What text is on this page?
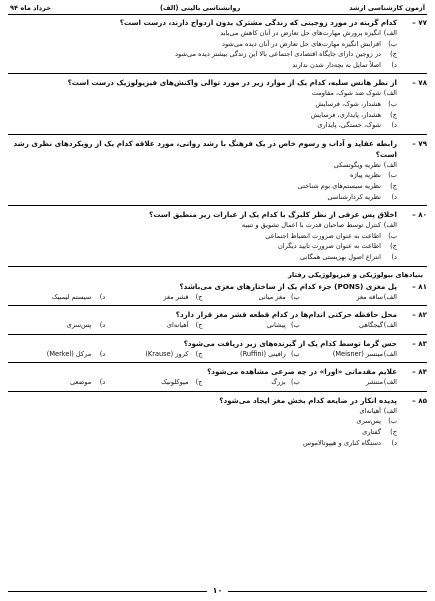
آزمون کارشناسی ارشد
روانشناسی بالینی (الف)
خرداد ماه ۹۴
۷۷ –
کدام گزینه در مورد زوجینی که زندگی مشترک بدون ازدواج دارند، درست است؟
الف)
انگیزه پرورش مهارت‌های حل تعارض در آنان کاهش می‌یابد
ب)
افزایش انگیزه مهارت‌های حل تعارض در آنان دیده می‌شود
ج)
در زوجین دارای جایگاه اقتصادی اجتماعی بالا این زندگی بیشتر دیده می‌شود
د)
اصلاً تمایل به بچه‌دار شدن ندارند
۷۸ –
از نظر هانس سلیه، کدام یک از موارد زیر در مورد توالی واکنش‌های فیزیولوژیک درست است؟
الف)
شوک ضد شوک، مقاومت
ب)
هشدار، شوک، فرسایش
ج)
هشدار، پایداری، فرسایش
د)
شوک، خستگی، پایداری
۷۹ –
رابطه عقاید و آداب و رسوم خاص در یک فرهنگ با رشد روانی، مورد علاقه کدام یک از رویکردهای نظری رشد است؟
الف)
نظریه ویگوتسکی
ب)
نظریه پیاژه
ج)
نظریه سیستم‌های بوم شناختی
د)
نظریه کردارشناسی
۸۰ –
اخلاق پس عرفی از نظر کلبرگ با کدام یک از عبارات زیر منطبق است؟
الف)
کنترل توسط صاحبان قدرت با اعمال تشویق و تنبیه
ب)
اطاعت به عنوان ضرورت انضباط اجتماعی
ج)
اطاعت به عنوان ضرورت تایید دیگران
د)
انتزاع اصول بهزیستی همگانی
بنیادهای بیولوژیکی و فیزیولوژیکی رفتار
۸۱ –
پل مغزی (PONS) جزء کدام یک از ساختارهای مغزی می‌باشد؟
الف)
ساقه مغز
ب)
مغز میانی
ج)
قشر مغز
د)
سیستم لیمبیک
۸۲ –
محل حافظه حرکتی اندام‌ها در کدام قطعه قشر مغز قرار دارد؟
الف)
گیجگاهی
ب)
پیشانی
ج)
آهیانه‌ای
د)
پس‌سری
۸۳ –
حس گرما توسط کدام یک از گیرنده‌های زیر دریافت می‌شود؟
الف)
مینسر (Meisner)
ب)
رافینی (Ruffini)
ج)
کروز (Krause)
د)
مرکل (Merkel)
۸۴ –
علایم مقدماتی «اورا» در چه صرعی مشاهده می‌شود؟
الف)
منتشر
ب)
بزرگ
ج)
میوکلونیک
د)
موضعی
۸۵ –
پدیده انکار در ضایعه کدام بخش مغز ایجاد می‌شود؟
الف)
آهیانه‌ای
ب)
پس‌سری
ج)
گفتاری
د)
دستگاه کناری و هیپوتالاموس
۱۰
